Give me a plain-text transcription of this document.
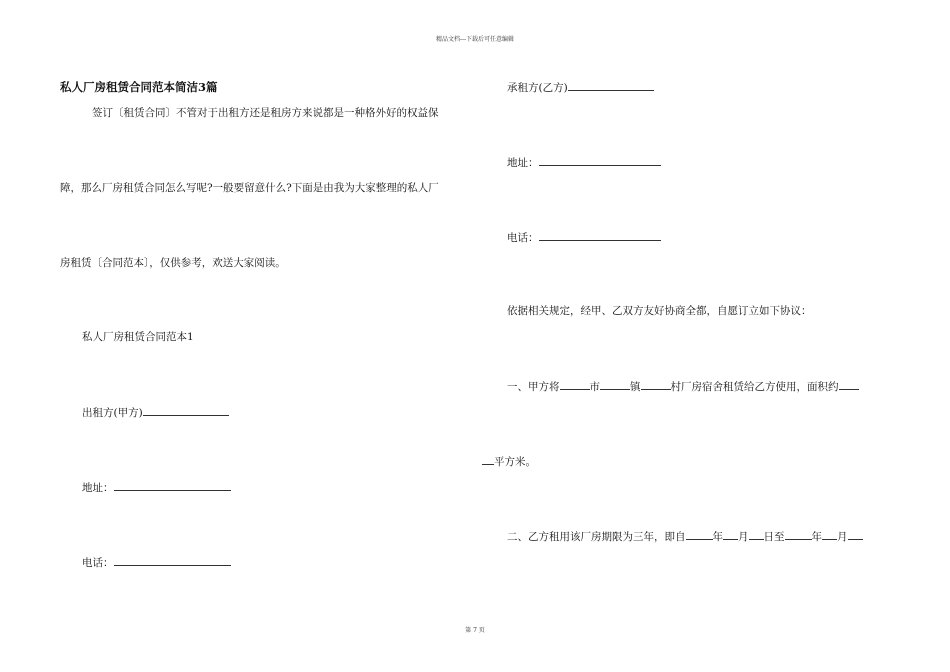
精品文档---下载后可任意编辑
私人厂房租赁合同范本简洁3篇
签订〔租赁合同〕不管对于出租方还是租房方来说都是一种格外好的权益保
障，那么厂房租赁合同怎么写呢?一般要留意什么?下面是由我为大家整理的私人厂
房租赁〔合同范本〕，仅供参考，欢送大家阅读。
私人厂房租赁合同范本1
出租方(甲方)
地址：
电话：
承租方(乙方)
地址：
电话：
依据相关规定，经甲、乙双方友好协商全都，自愿订立如下协议：
一、甲方将	市	镇	村厂房宿舍租赁给乙方使用，面积约
平方米。
二、乙方租用该厂房期限为三年，即自	年 月 日至	年 月
第 7 页
